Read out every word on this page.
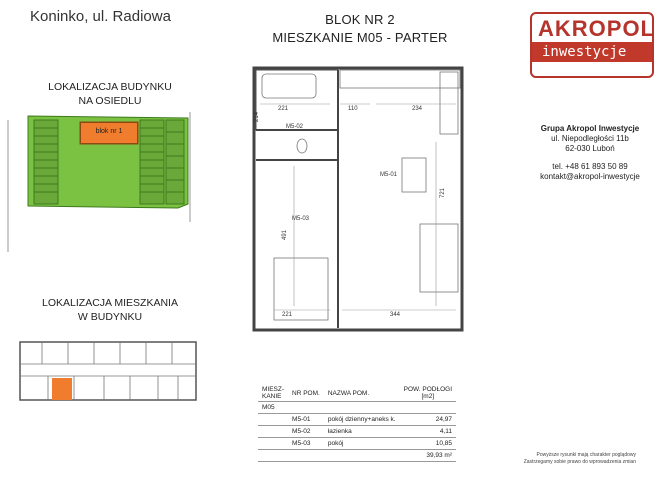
Koninko, ul. Radiowa	BLOK NR 2
MIESZKANIE M05 - PARTER	AKROPOL
inwestycje
Grupa Akropol Inwestycje
ul. Niepodległości 11b
62-030 Luboń
tel. +48 61 893 50 89
kontakt@akropol-inwestycje
LOKALIZACJA BUDYNKU
NA OSIEDLU
blok nr 1
LOKALIZACJA MIESZKANIA
W BUDYNKU
221	110	234
214
491
721
221	344
M5-02
M5-03
M5-01
MIESZ-
KANIE	NR POM.	NAZWA POM.	POW. PODŁOGI
[m2]
M05			
	M5-01	pokój dzienny+aneks k.	24,97
	M5-02	łazienka	4,11
	M5-03	pokój	10,85
			39,93 m²	Powyższe rysunki mają charakter poglądowy
Zastrzegamy sobie prawo do wprowadzenia zmian
